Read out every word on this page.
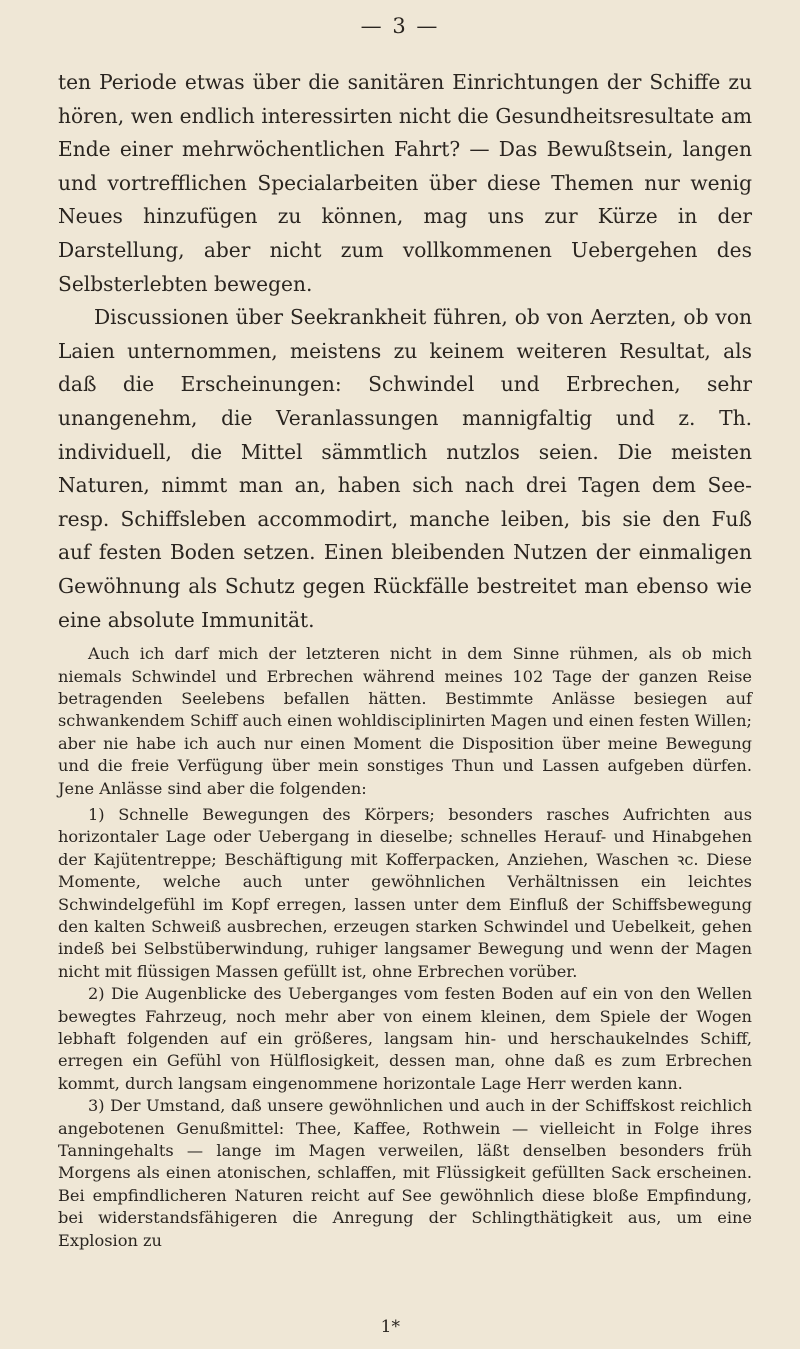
— 3 —

ten Periode etwas über die sanitären Einrichtungen der Schiffe zu hören, wen endlich interessirten nicht die Gesundheitsresultate am Ende einer mehrwöchentlichen Fahrt? — Das Bewußtsein, langen und vortrefflichen Specialarbeiten über diese Themen nur wenig Neues hinzufügen zu können, mag uns zur Kürze in der Darstellung, aber nicht zum vollkommenen Uebergehen des Selbsterlebten bewegen.

Discussionen über Seekrankheit führen, ob von Aerzten, ob von Laien unternommen, meistens zu keinem weiteren Resultat, als daß die Erscheinungen: Schwindel und Erbrechen, sehr unangenehm, die Veranlassungen mannigfaltig und z. Th. individuell, die Mittel sämmtlich nutzlos seien. Die meisten Naturen, nimmt man an, haben sich nach drei Tagen dem See- resp. Schiffsleben accommodirt, manche leiben, bis sie den Fuß auf festen Boden setzen. Einen bleibenden Nutzen der einmaligen Gewöhnung als Schutz gegen Rückfälle bestreitet man ebenso wie eine absolute Immunität.

Auch ich darf mich der letzteren nicht in dem Sinne rühmen, als ob mich niemals Schwindel und Erbrechen während meines 102 Tage der ganzen Reise betragenden Seelebens befallen hätten. Bestimmte Anlässe besiegen auf schwankendem Schiff auch einen wohldisciplinirten Magen und einen festen Willen; aber nie habe ich auch nur einen Moment die Disposition über meine Bewegung und die freie Verfügung über mein sonstiges Thun und Lassen aufgeben dürfen. Jene Anlässe sind aber die folgenden:

1) Schnelle Bewegungen des Körpers; besonders rasches Aufrichten aus horizontaler Lage oder Uebergang in dieselbe; schnelles Herauf- und Hinabgehen der Kajütentreppe; Beschäftigung mit Kofferpacken, Anziehen, Waschen ꝛc. Diese Momente, welche auch unter gewöhnlichen Verhältnissen ein leichtes Schwindelgefühl im Kopf erregen, lassen unter dem Einfluß der Schiffsbewegung den kalten Schweiß ausbrechen, erzeugen starken Schwindel und Uebelkeit, gehen indeß bei Selbstüberwindung, ruhiger langsamer Bewegung und wenn der Magen nicht mit flüssigen Massen gefüllt ist, ohne Erbrechen vorüber.

2) Die Augenblicke des Ueberganges vom festen Boden auf ein von den Wellen bewegtes Fahrzeug, noch mehr aber von einem kleinen, dem Spiele der Wogen lebhaft folgenden auf ein größeres, langsam hin- und herschaukelndes Schiff, erregen ein Gefühl von Hülflosigkeit, dessen man, ohne daß es zum Erbrechen kommt, durch langsam eingenommene horizontale Lage Herr werden kann.

3) Der Umstand, daß unsere gewöhnlichen und auch in der Schiffskost reichlich angebotenen Genußmittel: Thee, Kaffee, Rothwein — vielleicht in Folge ihres Tanningehalts — lange im Magen verweilen, läßt denselben besonders früh Morgens als einen atonischen, schlaffen, mit Flüssigkeit gefüllten Sack erscheinen. Bei empfindlicheren Naturen reicht auf See gewöhnlich diese bloße Empfindung, bei widerstandsfähigeren die Anregung der Schlingthätigkeit aus, um eine Explosion zu

1*
